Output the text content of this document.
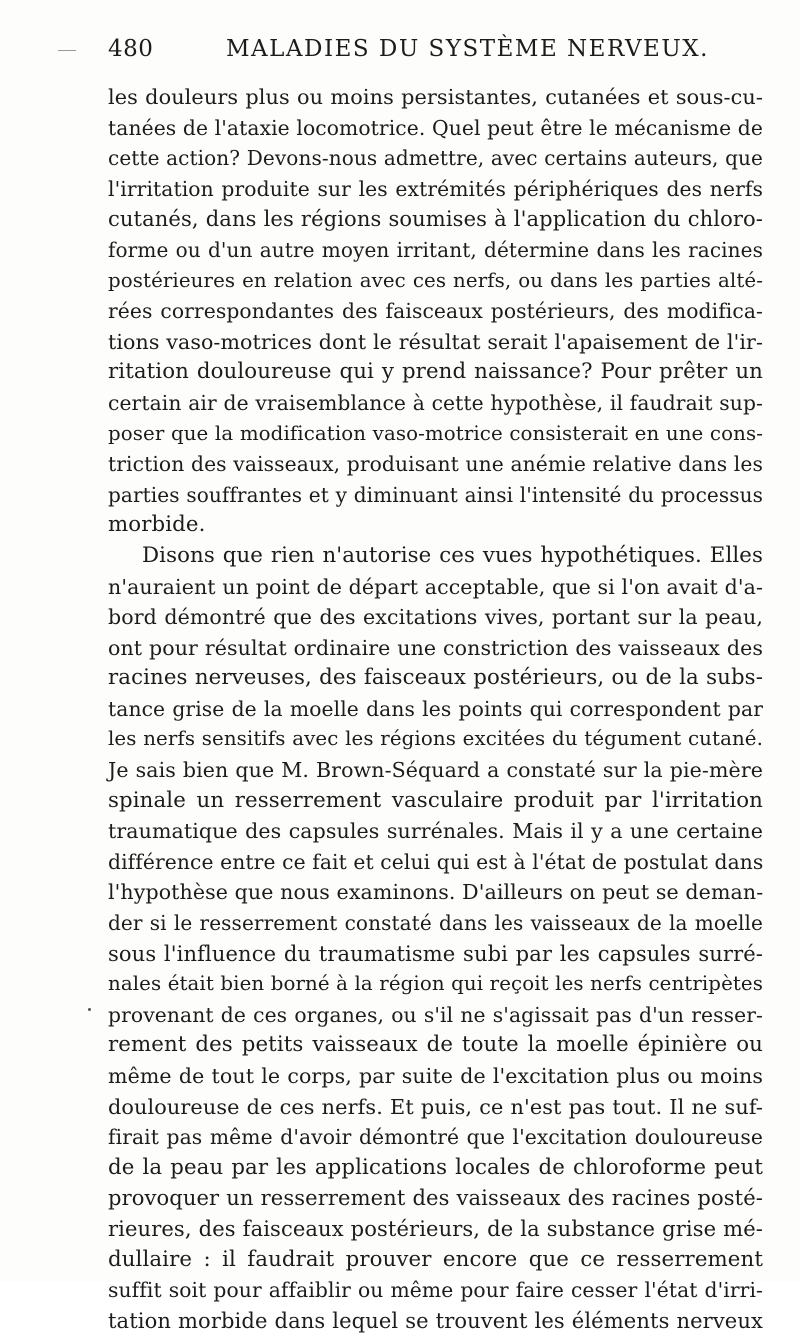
480	MALADIES DU SYSTÈME NERVEUX.
les douleurs plus ou moins persistantes, cutanées et sous-cu-
tanées de l'ataxie locomotrice. Quel peut être le mécanisme de
cette action? Devons-nous admettre, avec certains auteurs, que
l'irritation produite sur les extrémités périphériques des nerfs
cutanés, dans les régions soumises à l'application du chloro-
forme ou d'un autre moyen irritant, détermine dans les racines
postérieures en relation avec ces nerfs, ou dans les parties alté-
rées correspondantes des faisceaux postérieurs, des modifica-
tions vaso-motrices dont le résultat serait l'apaisement de l'ir-
ritation douloureuse qui y prend naissance? Pour prêter un
certain air de vraisemblance à cette hypothèse, il faudrait sup-
poser que la modification vaso-motrice consisterait en une cons-
triction des vaisseaux, produisant une anémie relative dans les
parties souffrantes et y diminuant ainsi l'intensité du processus
morbide.
Disons que rien n'autorise ces vues hypothétiques. Elles
n'auraient un point de départ acceptable, que si l'on avait d'a-
bord démontré que des excitations vives, portant sur la peau,
ont pour résultat ordinaire une constriction des vaisseaux des
racines nerveuses, des faisceaux postérieurs, ou de la subs-
tance grise de la moelle dans les points qui correspondent par
les nerfs sensitifs avec les régions excitées du tégument cutané.
Je sais bien que M. Brown-Séquard a constaté sur la pie-mère
spinale un resserrement vasculaire produit par l'irritation
traumatique des capsules surrénales. Mais il y a une certaine
différence entre ce fait et celui qui est à l'état de postulat dans
l'hypothèse que nous examinons. D'ailleurs on peut se deman-
der si le resserrement constaté dans les vaisseaux de la moelle
sous l'influence du traumatisme subi par les capsules surré-
nales était bien borné à la région qui reçoit les nerfs centripètes
provenant de ces organes, ou s'il ne s'agissait pas d'un resser-
rement des petits vaisseaux de toute la moelle épinière ou
même de tout le corps, par suite de l'excitation plus ou moins
douloureuse de ces nerfs. Et puis, ce n'est pas tout. Il ne suf-
firait pas même d'avoir démontré que l'excitation douloureuse
de la peau par les applications locales de chloroforme peut
provoquer un resserrement des vaisseaux des racines posté-
rieures, des faisceaux postérieurs, de la substance grise mé-
dullaire : il faudrait prouver encore que ce resserrement
suffit soit pour affaiblir ou même pour faire cesser l'état d'irri-
tation morbide dans lequel se trouvent les éléments nerveux
